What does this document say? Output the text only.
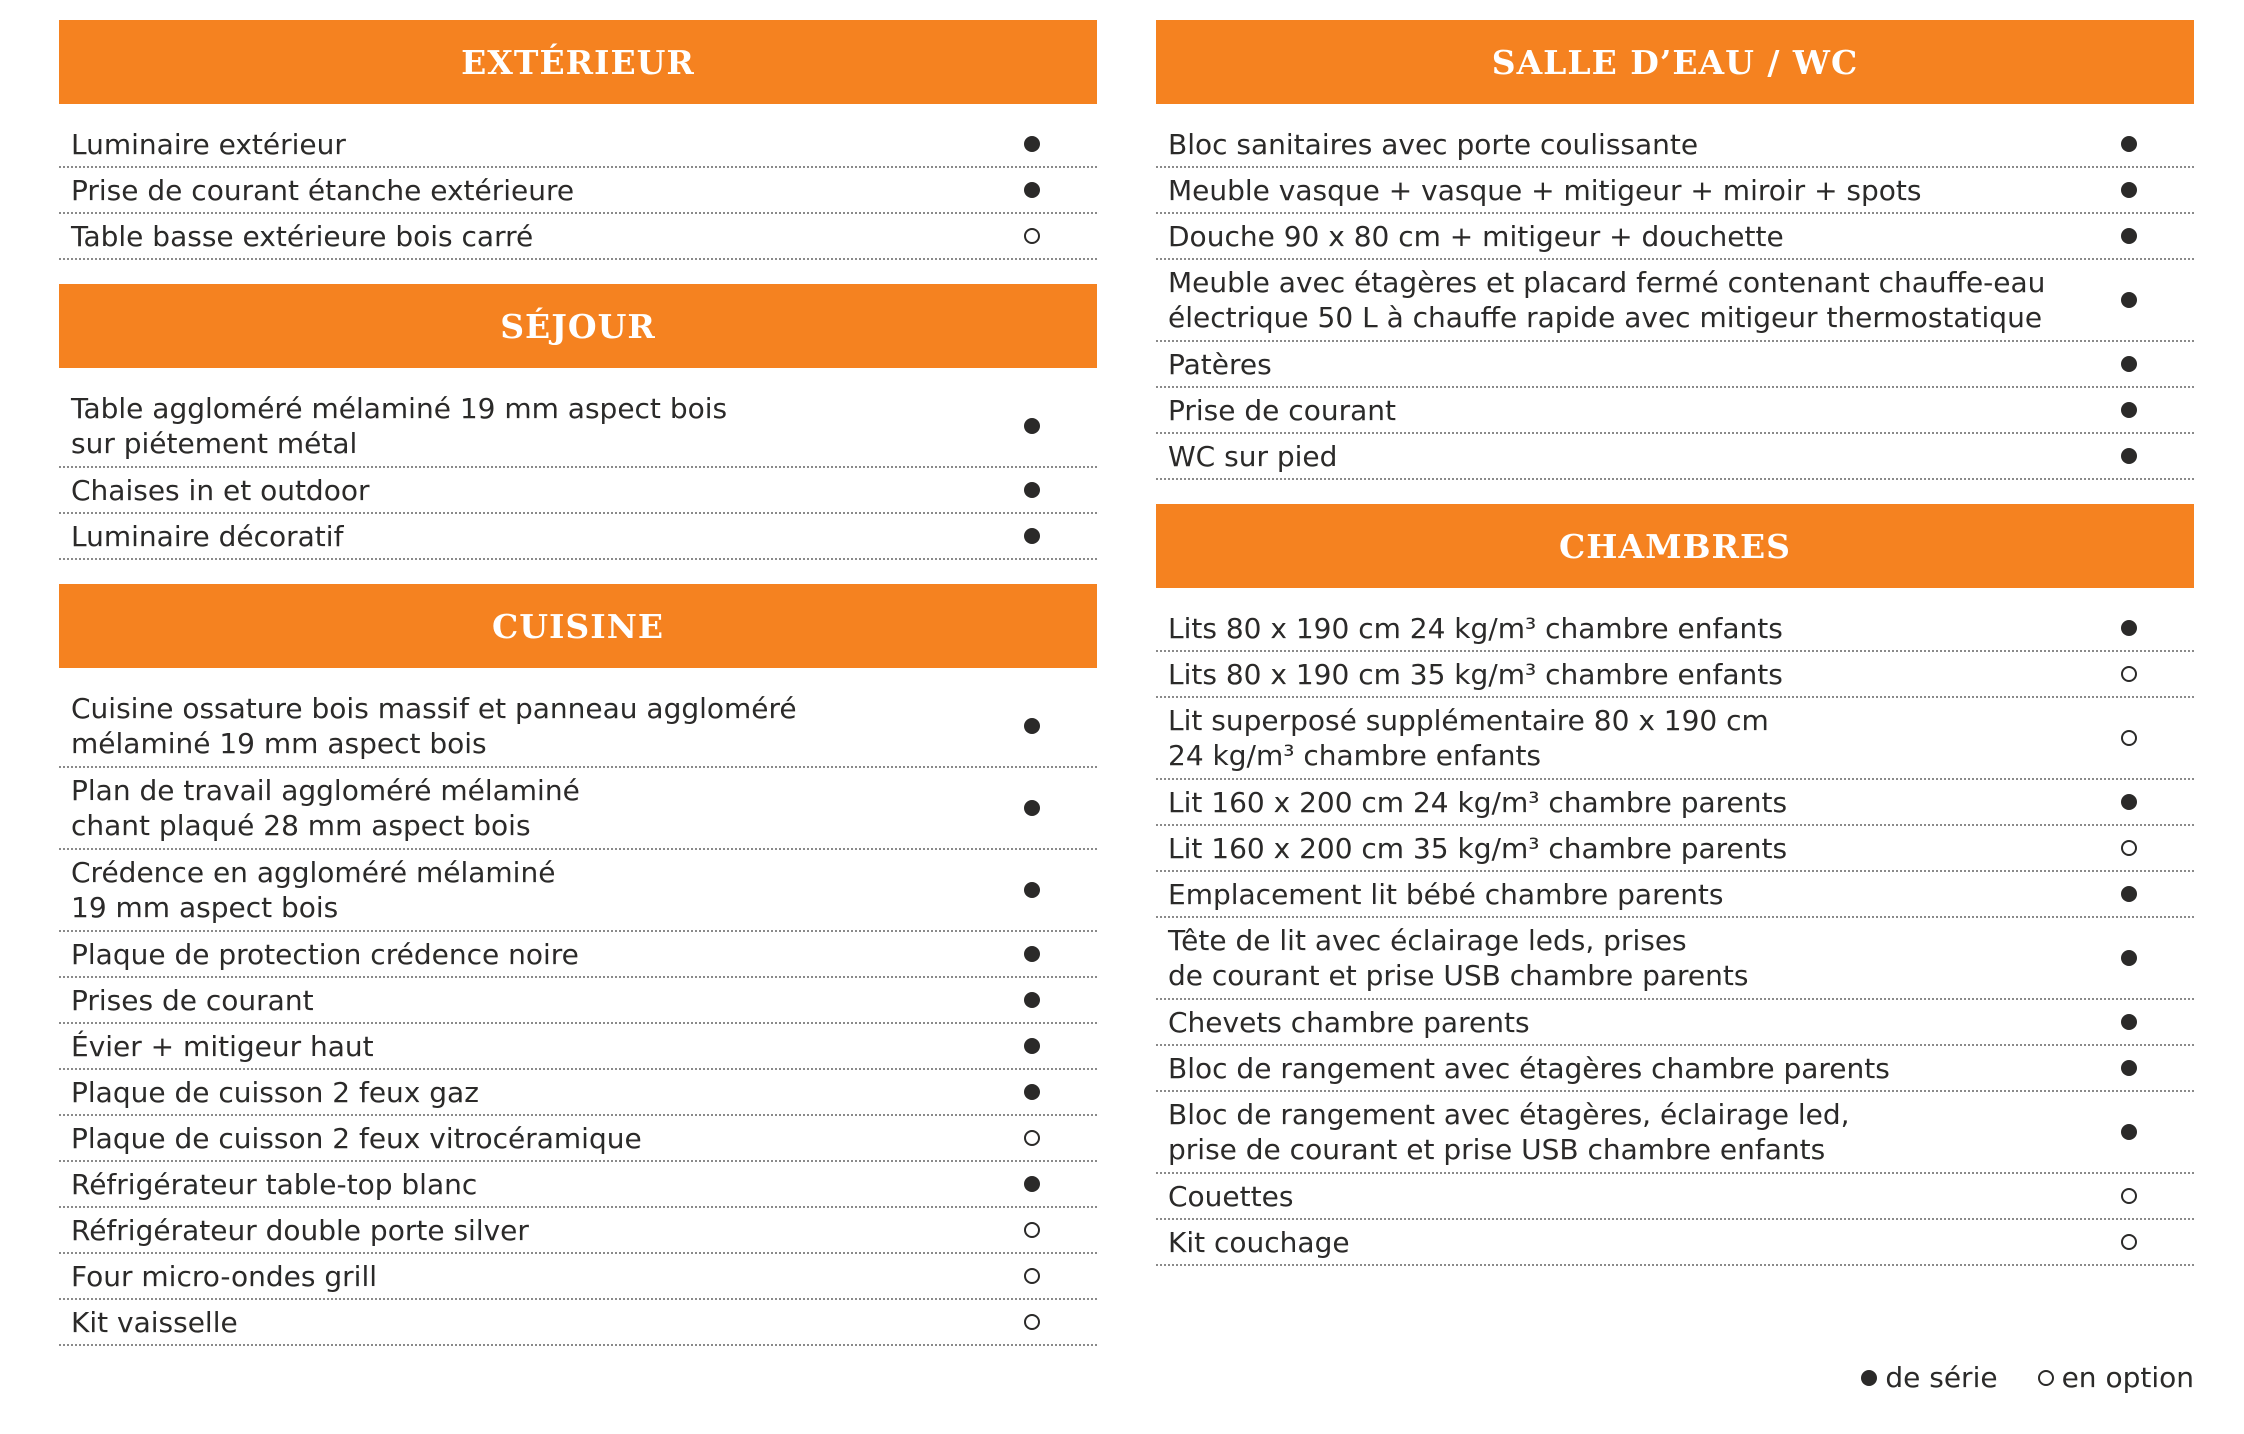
EXTÉRIEUR
Luminaire extérieur
Prise de courant étanche extérieure
Table basse extérieure bois carré
SÉJOUR
Table aggloméré mélaminé 19 mm aspect bois
sur piétement métal
Chaises in et outdoor
Luminaire décoratif
CUISINE
Cuisine ossature bois massif et panneau aggloméré
mélaminé 19 mm aspect bois
Plan de travail aggloméré mélaminé
chant plaqué 28 mm aspect bois
Crédence en aggloméré mélaminé
19 mm aspect bois
Plaque de protection crédence noire
Prises de courant
Évier + mitigeur haut
Plaque de cuisson 2 feux gaz
Plaque de cuisson 2 feux vitrocéramique
Réfrigérateur table-top blanc
Réfrigérateur double porte silver
Four micro-ondes grill
Kit vaisselle
SALLE D’EAU / WC
Bloc sanitaires avec porte coulissante
Meuble vasque + vasque + mitigeur + miroir + spots
Douche 90 x 80 cm + mitigeur + douchette
Meuble avec étagères et placard fermé contenant chauffe-eau
électrique 50 L à chauffe rapide avec mitigeur thermostatique
Patères
Prise de courant
WC sur pied
CHAMBRES
Lits 80 x 190 cm 24 kg/m³ chambre enfants
Lits 80 x 190 cm 35 kg/m³ chambre enfants
Lit superposé supplémentaire 80 x 190 cm
24 kg/m³ chambre enfants
Lit 160 x 200 cm 24 kg/m³ chambre parents
Lit 160 x 200 cm 35 kg/m³ chambre parents
Emplacement lit bébé chambre parents
Tête de lit avec éclairage leds, prises
de courant et prise USB chambre parents
Chevets chambre parents
Bloc de rangement avec étagères chambre parents
Bloc de rangement avec étagères, éclairage led,
prise de courant et prise USB chambre enfants
Couettes
Kit couchage
de série en option
